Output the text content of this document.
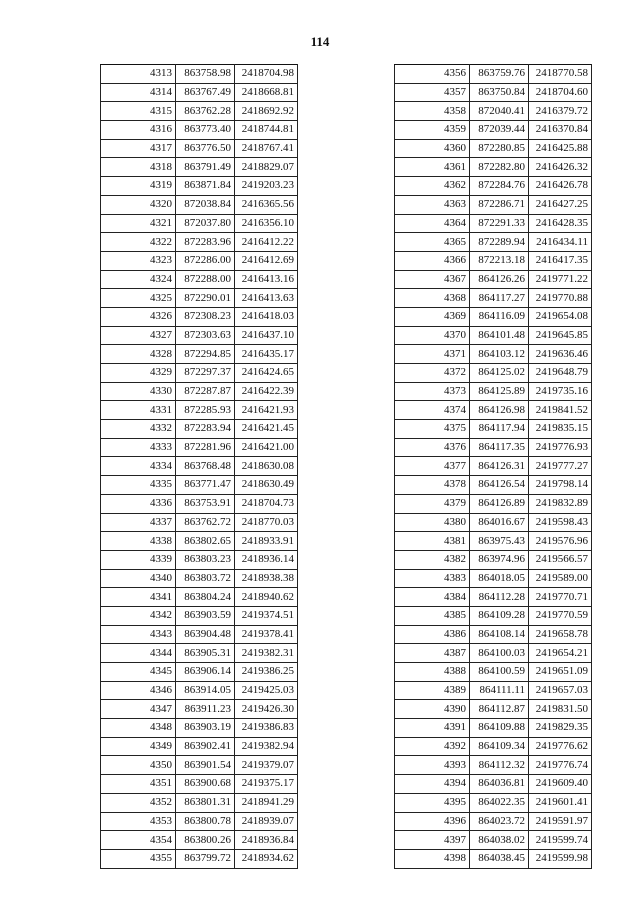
114
4313	863758.98	2418704.98
4314	863767.49	2418668.81
4315	863762.28	2418692.92
4316	863773.40	2418744.81
4317	863776.50	2418767.41
4318	863791.49	2418829.07
4319	863871.84	2419203.23
4320	872038.84	2416365.56
4321	872037.80	2416356.10
4322	872283.96	2416412.22
4323	872286.00	2416412.69
4324	872288.00	2416413.16
4325	872290.01	2416413.63
4326	872308.23	2416418.03
4327	872303.63	2416437.10
4328	872294.85	2416435.17
4329	872297.37	2416424.65
4330	872287.87	2416422.39
4331	872285.93	2416421.93
4332	872283.94	2416421.45
4333	872281.96	2416421.00
4334	863768.48	2418630.08
4335	863771.47	2418630.49
4336	863753.91	2418704.73
4337	863762.72	2418770.03
4338	863802.65	2418933.91
4339	863803.23	2418936.14
4340	863803.72	2418938.38
4341	863804.24	2418940.62
4342	863903.59	2419374.51
4343	863904.48	2419378.41
4344	863905.31	2419382.31
4345	863906.14	2419386.25
4346	863914.05	2419425.03
4347	863911.23	2419426.30
4348	863903.19	2419386.83
4349	863902.41	2419382.94
4350	863901.54	2419379.07
4351	863900.68	2419375.17
4352	863801.31	2418941.29
4353	863800.78	2418939.07
4354	863800.26	2418936.84
4355	863799.72	2418934.62
4356	863759.76	2418770.58
4357	863750.84	2418704.60
4358	872040.41	2416379.72
4359	872039.44	2416370.84
4360	872280.85	2416425.88
4361	872282.80	2416426.32
4362	872284.76	2416426.78
4363	872286.71	2416427.25
4364	872291.33	2416428.35
4365	872289.94	2416434.11
4366	872213.18	2416417.35
4367	864126.26	2419771.22
4368	864117.27	2419770.88
4369	864116.09	2419654.08
4370	864101.48	2419645.85
4371	864103.12	2419636.46
4372	864125.02	2419648.79
4373	864125.89	2419735.16
4374	864126.98	2419841.52
4375	864117.94	2419835.15
4376	864117.35	2419776.93
4377	864126.31	2419777.27
4378	864126.54	2419798.14
4379	864126.89	2419832.89
4380	864016.67	2419598.43
4381	863975.43	2419576.96
4382	863974.96	2419566.57
4383	864018.05	2419589.00
4384	864112.28	2419770.71
4385	864109.28	2419770.59
4386	864108.14	2419658.78
4387	864100.03	2419654.21
4388	864100.59	2419651.09
4389	864111.11	2419657.03
4390	864112.87	2419831.50
4391	864109.88	2419829.35
4392	864109.34	2419776.62
4393	864112.32	2419776.74
4394	864036.81	2419609.40
4395	864022.35	2419601.41
4396	864023.72	2419591.97
4397	864038.02	2419599.74
4398	864038.45	2419599.98
